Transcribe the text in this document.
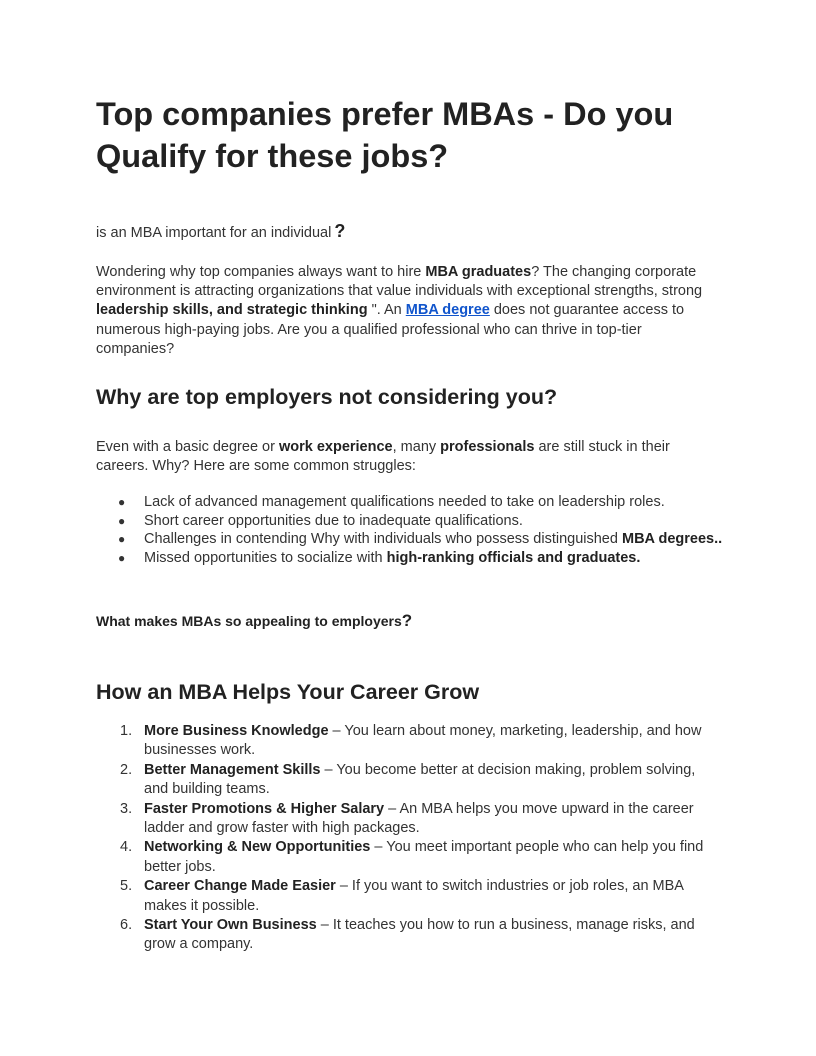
Top companies prefer MBAs - Do you Qualify for these jobs?

is an MBA important for an individual ?

Wondering why top companies always want to hire MBA graduates? The changing corporate environment is attracting organizations that value individuals with exceptional strengths, strong leadership skills, and strategic thinking ". An MBA degree does not guarantee access to numerous high-paying jobs. Are you a qualified professional who can thrive in top-tier companies?

Why are top employers not considering you?

Even with a basic degree or work experience, many professionals are still stuck in their careers. Why? Here are some common struggles:

● Lack of advanced management qualifications needed to take on leadership roles.
● Short career opportunities due to inadequate qualifications.
● Challenges in contending Why with individuals who possess distinguished MBA degrees..
● Missed opportunities to socialize with high-ranking officials and graduates.
What makes MBAs so appealing to employers?
How an MBA Helps Your Career Grow
1. More Business Knowledge – You learn about money, marketing, leadership, and how businesses work.
2. Better Management Skills – You become better at decision making, problem solving, and building teams.
3. Faster Promotions & Higher Salary – An MBA helps you move upward in the career ladder and grow faster with high packages.
4. Networking & New Opportunities – You meet important people who can help you find better jobs.
5. Career Change Made Easier – If you want to switch industries or job roles, an MBA makes it possible.
6. Start Your Own Business – It teaches you how to run a business, manage risks, and grow a company.
